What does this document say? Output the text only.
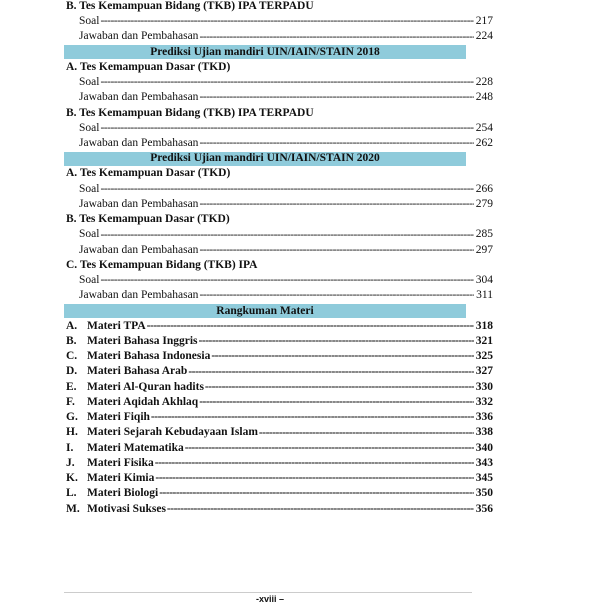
B. Tes Kemampuan Bidang (TKB) IPA TERPADU
Soal -----	217
Jawaban dan Pembahasan -----	224
Prediksi Ujian mandiri UIN/IAIN/STAIN 2018
A. Tes Kemampuan Dasar (TKD)
Soal -----	228
Jawaban dan Pembahasan -----	248
B. Tes Kemampuan Bidang (TKB) IPA TERPADU
Soal -----	254
Jawaban dan Pembahasan -----	262
Prediksi Ujian mandiri UIN/IAIN/STAIN 2020
A. Tes Kemampuan Dasar (TKD)
Soal -----	266
Jawaban dan Pembahasan -----	279
B. Tes Kemampuan Dasar (TKD)
Soal -----	285
Jawaban dan Pembahasan -----	297
C. Tes Kemampuan Bidang (TKB) IPA
Soal -----	304
Jawaban dan Pembahasan -----	311
Rangkuman Materi
A. Materi TPA -----	318
B. Materi Bahasa Inggris -----	321
C. Materi Bahasa Indonesia -----	325
D. Materi Bahasa Arab -----	327
E. Materi Al-Quran hadits -----	330
F.	Materi Aqidah Akhlaq -----	332
G. Materi Fiqih -----	336
H. Materi Sejarah Kebudayaan Islam -----	338
I.	Materi Matematika -----	340
J.	Materi Fisika -----	343
K. Materi Kimia -----	345
L. Materi Biologi -----	350
M. Motivasi Sukses -----	356
-xviii –
